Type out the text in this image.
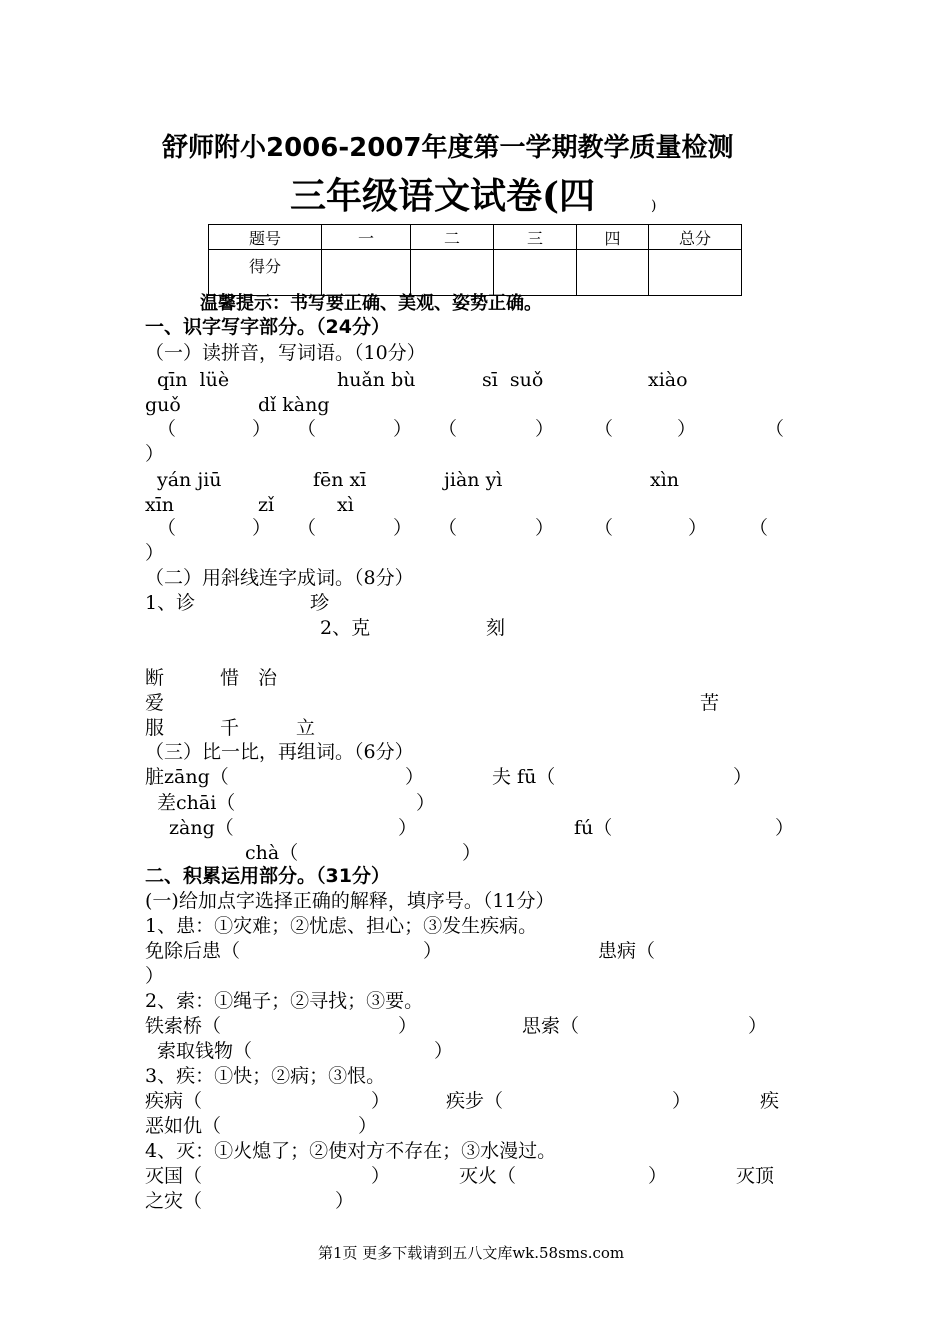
舒师附小2006-2007年度第一学期教学质量检测
三年级语文试卷(四	)
题号	一	二	三	四	总分
得分					
温馨提示：书写要正确、美观、姿势正确。
一、识字写字部分。（24分）
（一）读拼音，写词语。（10分）
qīn  lüè	huǎn bù	sī  suǒ	xiào
guǒ	dǐ kàng
（	） （	） （	） （	）	（
）
yán jiū	fēn xī	jiàn yì	xìn
xīn	zǐ	xì
（	） （	） （	） （	） （
）
（二）用斜线连字成词。（8分）
1、诊	珍
2、克	刻
断	惜 治
爱	苦
服	千	立
（三）比一比，再组词。（6分）
脏zāng（	）	夫 fū（	）
差chāi（	）
zàng（	）	fú（	）
chà（	）
二、积累运用部分。（31分）
(一)给加点字选择正确的解释，填序号。（11分）
1、患：①灾难；②忧虑、担心；③发生疾病。
免除后患（	）	患病（
）
2、索：①绳子；②寻找；③要。
铁索桥（	）	思索（	）
索取钱物（	）
3、疾：①快；②病；③恨。
疾病（	）	疾步（	）	疾
恶如仇（	）
4、灭：①火熄了；②使对方不存在；③水漫过。
灭国（	）	灭火（	）	灭顶
之灾（	）
第1页 更多下载请到五八文库wk.58sms.com
